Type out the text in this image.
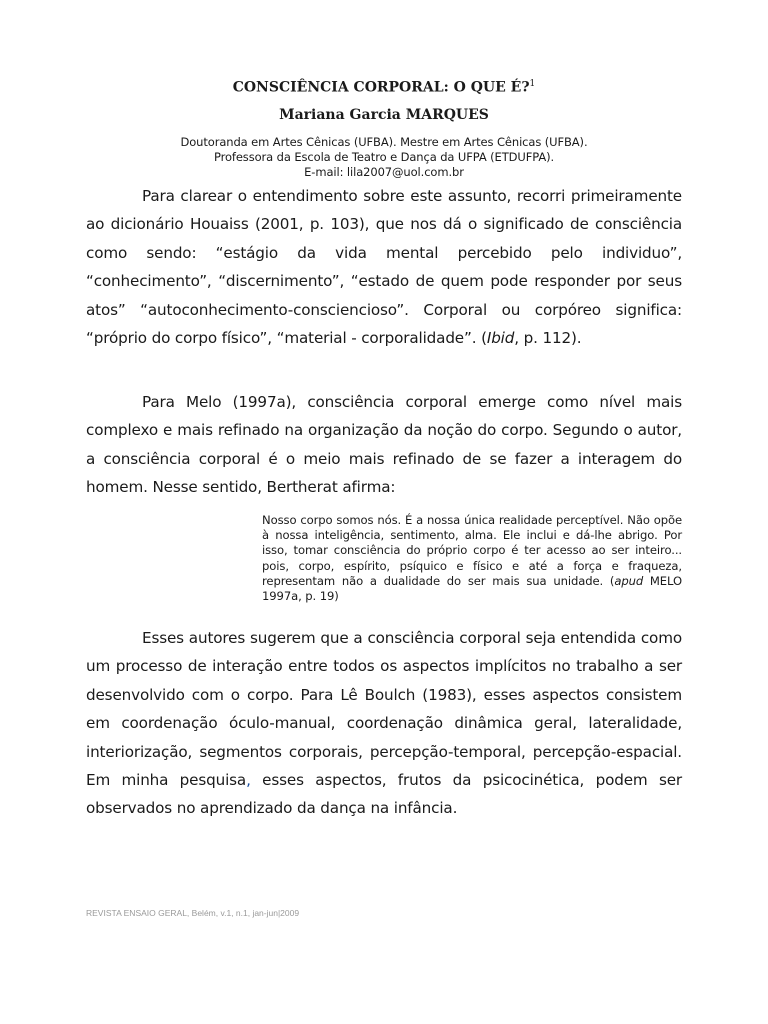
CONSCIÊNCIA CORPORAL: O QUE É?$^1$
Mariana Garcia MARQUES
Doutoranda em Artes Cênicas (UFBA). Mestre em Artes Cênicas (UFBA).
Professora da Escola de Teatro e Dança da UFPA (ETDUFPA).
E-mail: lila2007@uol.com.br

Para clarear o entendimento sobre este assunto, recorri primeiramente ao dicionário Houaiss (2001, p. 103), que nos dá o significado de consciência como sendo: “estágio da vida mental percebido pelo individuo”, “conhecimento”, “discernimento”, “estado de quem pode responder por seus atos” “autoconhecimento-consciencioso”. Corporal ou corpóreo significa: “próprio do corpo físico”, “material - corporalidade”. (Ibid, p. 112).

Para Melo (1997a), consciência corporal emerge como nível mais complexo e mais refinado na organização da noção do corpo. Segundo o autor, a consciência corporal é o meio mais refinado de se fazer a interagem do homem. Nesse sentido, Bertherat afirma:

Nosso corpo somos nós. É a nossa única realidade perceptível. Não opõe à nossa inteligência, sentimento, alma. Ele inclui e dá-lhe abrigo. Por isso, tomar consciência do próprio corpo é ter acesso ao ser inteiro... pois, corpo, espírito, psíquico e físico e até a força e fraqueza, representam não a dualidade do ser mais sua unidade. (apud MELO 1997a, p. 19)

Esses autores sugerem que a consciência corporal seja entendida como um processo de interação entre todos os aspectos implícitos no trabalho a ser desenvolvido com o corpo. Para Lê Boulch (1983), esses aspectos consistem em coordenação óculo-manual, coordenação dinâmica geral, lateralidade, interiorização, segmentos corporais, percepção-temporal, percepção-espacial. Em minha pesquisa, esses aspectos, frutos da psicocinética, podem ser observados no aprendizado da dança na infância.

REVISTA ENSAIO GERAL, Belém, v.1, n.1, jan-jun|2009
